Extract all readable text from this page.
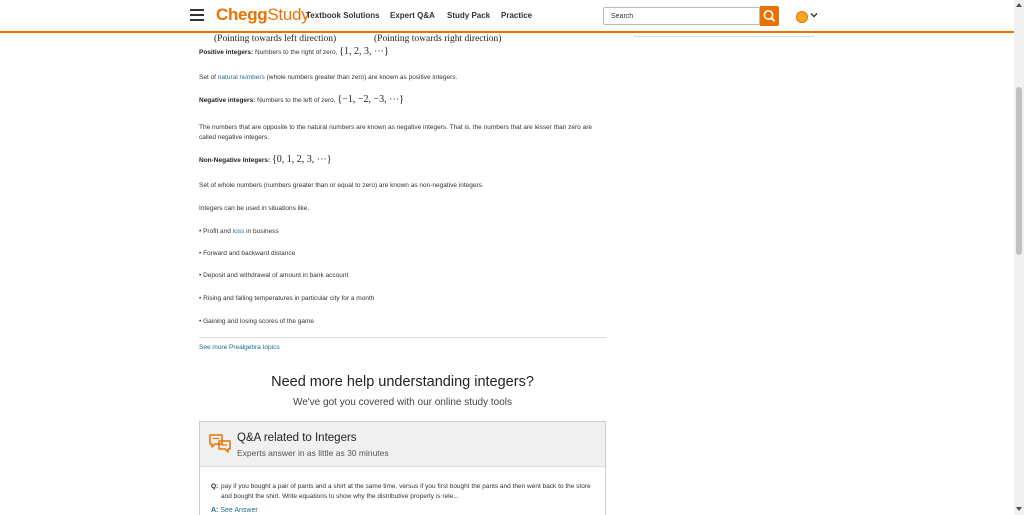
CheggStudy
Textbook Solutions Expert Q&A Study Pack Practice
Search
(Pointing towards left direction)	(Pointing towards right direction)
Positive integers: Numbers to the right of zero, {1, 2, 3, ⋯}
Set of natural numbers (whole numbers greater than zero) are known as positive integers.
Negative integers: Numbers to the left of zero, {−1, −2, −3, ⋯}
The numbers that are opposite to the natural numbers are known as negative integers. That is, the numbers that are lesser than zero are called negative integers.
Non-Negative Integers: {0, 1, 2, 3, ⋯}
Set of whole numbers (numbers greater than or equal to zero) are known as non-negative integers.
Integers can be used in situations like,
• Profit and loss in business
• Forward and backward distance
• Deposit and withdrawal of amount in bank account
• Rising and falling temperatures in particular city for a month
• Gaining and losing scores of the game
See more Prealgebra topics
Need more help understanding integers?
We've got you covered with our online study tools
Q&A related to Integers
Experts answer in as little as 30 minutes
Q: pay if you bought a pair of pants and a shirt at the same time, versus if you first bought the pants and then went back to the store and bought the shirt. Write equations to show why the distributive property is rele...
A: See Answer
